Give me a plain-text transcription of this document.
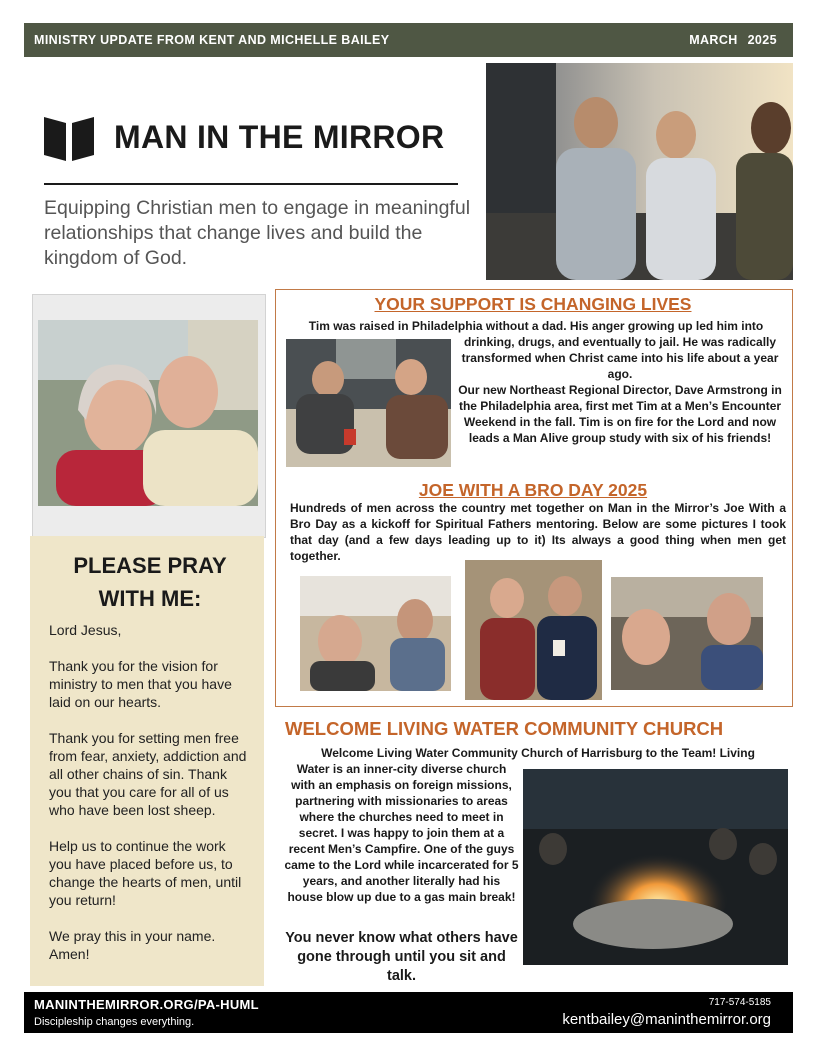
MINISTRY UPDATE FROM KENT AND MICHELLE BAILEY	MARCH 2025
MAN IN THE MIRROR
Equipping Christian men to engage in meaningful relationships that change lives and build the kingdom of God.
PLEASE PRAY
WITH ME:

Lord Jesus,

Thank you for the vision for ministry to men that you have laid on our hearts.

Thank you for setting men free from fear, anxiety, addiction and all other chains of sin. Thank you that you care for all of us who have been lost sheep.

Help us to continue the work you have placed before us, to change the hearts of men, until you return!

We pray this in your name. Amen!

YOUR SUPPORT IS CHANGING LIVES
Tim was raised in Philadelphia without a dad. His anger growing up led him into
drinking, drugs, and eventually to jail. He was radically transformed when Christ came into his life about a year ago.
Our new Northeast Regional Director, Dave Armstrong in the Philadelphia area, first met Tim at a Men’s Encounter Weekend in the fall. Tim is on fire for the Lord and now leads a Man Alive group study with six of his friends!
JOE WITH A BRO DAY 2025
Hundreds of men across the country met together on Man in the Mirror’s Joe With a Bro Day as a kickoff for Spiritual Fathers mentoring. Below are some pictures I took that day (and a few days leading up to it) Its always a good thing when men get together.
WELCOME LIVING WATER COMMUNITY CHURCH
Welcome Living Water Community Church of Harrisburg to the Team! Living
Water is an inner-city diverse church with an emphasis on foreign missions, partnering with missionaries to areas where the churches need to meet in secret. I was happy to join them at a recent Men’s Campfire. One of the guys came to the Lord while incarcerated for 5 years, and another literally had his house blow up due to a gas main break!
You never know what others have gone through until you sit and talk.
MANINTHEMIRROR.ORG/PA-HUML
Discipleship changes everything.
717-574-5185
kentbailey@maninthemirror.org
